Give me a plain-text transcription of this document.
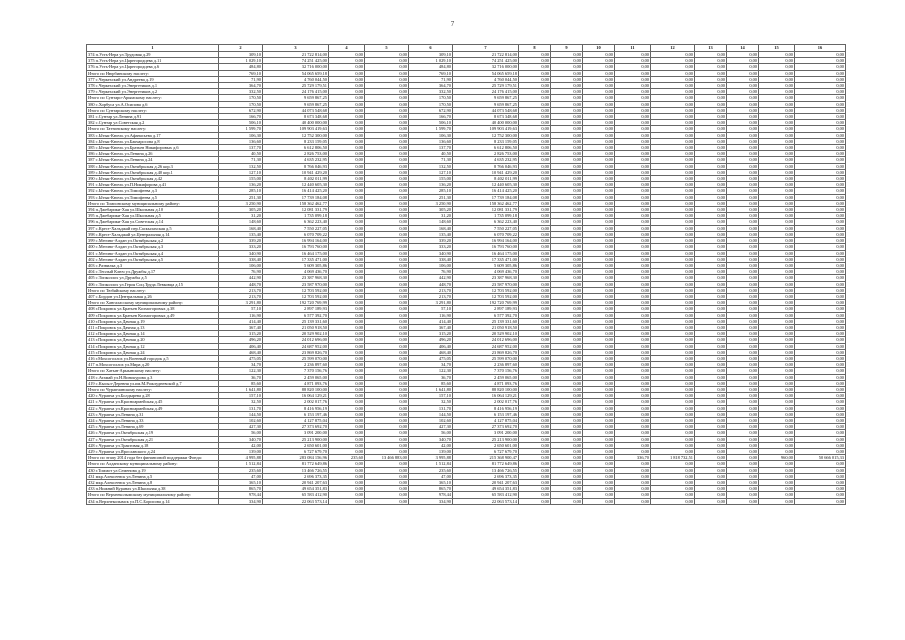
7
1	2	3	4	5	6	7	8	9	10	11	12	13	14	15	16
374 п.Усть-Нера ул.Трудовая д.29	309,10	21 722 814,00	0,00	0,00	309,10	21 722 814,00	0,00	0,00	0,00	0,00	0,00	0,00	0,00	0,00	0,00
375 п.Усть-Нера ул.Царегородцева д.11	1 029,10	74 251 425,00	0,00	0,00	1 029,10	74 251 425,00	0,00	0,00	0,00	0,00	0,00	0,00	0,00	0,00	0,00
376 п.Усть-Нера ул.Царегородцева д.6	484,80	32 716 000,00	0,00	0,00	484,80	32 716 000,00	0,00	0,00	0,00	0,00	0,00	0,00	0,00	0,00	0,00
Итого по Нюрбинскому наслегу:	769,10	54 065 659,18	0,00	0,00	769,10	54 065 659,18	0,00	0,00	0,00	0,00	0,00	0,00	0,00	0,00	0,00
377 с.Черкехский ул.Андреева д.19	71,90	4 760 044,50	0,00	0,00	71,90	4 760 044,50	0,00	0,00	0,00	0,00	0,00	0,00	0,00	0,00	0,00
378 с.Черкехский ул.Энергетиков д.1	364,70	25 729 179,51	0,00	0,00	364,70	25 729 179,51	0,00	0,00	0,00	0,00	0,00	0,00	0,00	0,00	0,00
379 с.Черкехский ул.Энергетиков д.2	332,50	24 176 415,00	0,00	0,00	332,50	24 176 415,00	0,00	0,00	0,00	0,00	0,00	0,00	0,00	0,00	0,00
Итого по Сунтаро-Арымскому наслегу:	170,50	9 659 867,25	0,00	0,00	170,50	9 659 867,25	0,00	0,00	0,00	0,00	0,00	0,00	0,00	0,00	0,00
380 с.Хорбуса ул.А.Осипова д.6	170,50	9 659 867,25	0,00	0,00	170,50	9 659 867,25	0,00	0,00	0,00	0,00	0,00	0,00	0,00	0,00	0,00
Итого по Сунтарскому наслегу:	672,90	44 073 548,68	0,00	0,00	672,90	44 073 548,68	0,00	0,00	0,00	0,00	0,00	0,00	0,00	0,00	0,00
381 с.Сунтар ул.Ленина д.91	166,70	8 673 348,68	0,00	0,00	166,70	8 673 348,68	0,00	0,00	0,00	0,00	0,00	0,00	0,00	0,00	0,00
382 с.Сунтар ул.Советская д.2	506,10	40 400 000,00	0,00	0,00	506,10	40 400 000,00	0,00	0,00	0,00	0,00	0,00	0,00	0,00	0,00	0,00
Итого по Таттинскому наслегу:	1 599,70	109 903 419,63	0,00	0,00	1 599,70	109 903 419,63	0,00	0,00	0,00	0,00	0,00	0,00	0,00	0,00	0,00
383 с.Ытык-Кюель ул.Афанасьева д.17	106,30	12 752 300,00	0,00	0,00	106,30	12 752 300,00	0,00	0,00	0,00	0,00	0,00	0,00	0,00	0,00	0,00
384 с.Ытык-Кюель ул.Бакчаросова д.8	136,60	8 233 159,05	0,00	0,00	136,60	8 233 159,05	0,00	0,00	0,00	0,00	0,00	0,00	0,00	0,00	0,00
385 с.Ытык-Кюель ул.Братьев Никифоровых д.6	137,70	6 612 806,50	0,00	0,00	137,70	6 612 806,50	0,00	0,00	0,00	0,00	0,00	0,00	0,00	0,00	0,00
386 с.Ытык-Кюель ул.Ленина д.26	40,50	2 826 753,00	0,00	0,00	40,50	2 826 753,00	0,00	0,00	0,00	0,00	0,00	0,00	0,00	0,00	0,00
387 с.Ытык-Кюель ул.Ленина д.24	71,30	4 635 232,95	0,00	0,00	71,30	4 635 232,95	0,00	0,00	0,00	0,00	0,00	0,00	0,00	0,00	0,00
388 с.Ытык-Кюель ул.Октябрьская д.26 кор.3	132,50	8 766 046,93	0,00	0,00	132,50	8 766 046,93	0,00	0,00	0,00	0,00	0,00	0,00	0,00	0,00	0,00
389 с.Ытык-Кюель ул.Октябрьская д.40 кор.1	127,10	10 941 429,20	0,00	0,00	127,10	10 941 429,20	0,00	0,00	0,00	0,00	0,00	0,00	0,00	0,00	0,00
390 с.Ытык-Кюель ул.Октябрьская д.42	155,00	8 402 011,99	0,00	0,00	155,00	8 402 011,99	0,00	0,00	0,00	0,00	0,00	0,00	0,00	0,00	0,00
391 с.Ытык-Кюель ул.П.Никифорова д.41	136,20	12 440 605,30	0,00	0,00	136,20	12 440 605,30	0,00	0,00	0,00	0,00	0,00	0,00	0,00	0,00	0,00
392 с.Ытык-Кюель ул.Тимофеева д.3	285,10	16 414 425,20	0,00	0,00	285,10	16 414 425,20	0,00	0,00	0,00	0,00	0,00	0,00	0,00	0,00	0,00
393 с.Ытык-Кюель ул.Тимофеева д.5	251,30	17 739 184,08	0,00	0,00	251,30	17 739 184,08	0,00	0,00	0,00	0,00	0,00	0,00	0,00	0,00	0,00
Итого по Томпонскому муниципальному району:	3 250,90	158 362 462,77	0,00	0,00	3 250,90	158 362 462,77	0,00	0,00	0,00	0,00	0,00	0,00	0,00	0,00	0,00
394 п.Джебарики-Хая ул.Школьная д.10	305,20	12 081 331,79	0,00	0,00	305,20	12 081 331,79	0,00	0,00	0,00	0,00	0,00	0,00	0,00	0,00	0,00
395 п.Джебарики-Хая ул.Школьная д.5	31,20	1 735 099,18	0,00	0,00	31,20	1 735 099,18	0,00	0,00	0,00	0,00	0,00	0,00	0,00	0,00	0,00
396 п.Джебарики-Хая ул.Советская д.14	148,60	6 362 223,40	0,00	0,00	148,60	6 362 223,40	0,00	0,00	0,00	0,00	0,00	0,00	0,00	0,00	0,00
397 с.Крест-Хальджай пер.Саскылахская д.5	168,40	7 550 227,05	0,00	0,00	168,40	7 550 227,05	0,00	0,00	0,00	0,00	0,00	0,00	0,00	0,00	0,00
398 с.Крест-Хальджай ул.Центральная д.14	135,40	6 070 709,22	0,00	0,00	135,40	6 070 709,22	0,00	0,00	0,00	0,00	0,00	0,00	0,00	0,00	0,00
399 с.Мегино-Алдан ул.Октябрьская д.2	339,20	16 994 164,00	0,00	0,00	339,20	16 994 164,00	0,00	0,00	0,00	0,00	0,00	0,00	0,00	0,00	0,00
400 с.Мегино-Алдан ул.Октябрьская д.3	333,20	16 793 760,00	0,00	0,00	333,20	16 793 760,00	0,00	0,00	0,00	0,00	0,00	0,00	0,00	0,00	0,00
401 с.Мегино-Алдан ул.Октябрьская д.4	340,90	16 464 175,00	0,00	0,00	340,90	16 464 175,00	0,00	0,00	0,00	0,00	0,00	0,00	0,00	0,00	0,00
402 с.Мегино-Алдан ул.Октябрьская д.5	338,40	17 335 471,00	0,00	0,00	338,40	17 335 471,00	0,00	0,00	0,00	0,00	0,00	0,00	0,00	0,00	0,00
403 с.Развилка д.3	106,00	5 609 305,86	0,00	0,00	106,00	5 609 305,86	0,00	0,00	0,00	0,00	0,00	0,00	0,00	0,00	0,00
404 с.Теплый Ключ ул.Дружбы д.17	76,90	4 069 436,70	0,00	0,00	76,90	4 069 436,70	0,00	0,00	0,00	0,00	0,00	0,00	0,00	0,00	0,00
405 с.Топколлох ул.Дружбы д.5	442,90	23 387 968,30	0,00	0,00	442,90	23 387 968,30	0,00	0,00	0,00	0,00	0,00	0,00	0,00	0,00	0,00
406 с.Топколлох ул.Героя Соц.Труда Левковца д.15	448,70	23 587 970,00	0,00	0,00	448,70	23 587 970,00	0,00	0,00	0,00	0,00	0,00	0,00	0,00	0,00	0,00
Итого по Тюбяйскому наслегу:	213,70	12 703 592,00	0,00	0,00	213,70	12 703 592,00	0,00	0,00	0,00	0,00	0,00	0,00	0,00	0,00	0,00
407 с.Бордон ул.Центральная д.26	213,70	12 703 592,00	0,00	0,00	213,70	12 703 592,00	0,00	0,00	0,00	0,00	0,00	0,00	0,00	0,00	0,00
Итого по Хангаласскому муниципальному району:	3 291,80	192 720 769,99	0,00	0,00	3 291,80	192 720 769,99	0,00	0,00	0,00	0,00	0,00	0,00	0,00	0,00	0,00
408 г.Покровск ул.Братьев Колмогоровых д.38	57,10	2 897 189,93	0,00	0,00	57,10	2 897 189,93	0,00	0,00	0,00	0,00	0,00	0,00	0,00	0,00	0,00
409 г.Покровск ул.Братьев Колмогоровых д.49	116,90	6 577 392,70	0,00	0,00	116,90	6 577 392,70	0,00	0,00	0,00	0,00	0,00	0,00	0,00	0,00	0,00
410 г.Покровск ул.Дачная д.19	414,40	25 139 331,60	0,00	0,00	414,40	25 139 331,60	0,00	0,00	0,00	0,00	0,00	0,00	0,00	0,00	0,00
411 г.Покровск ул.Дачная д.13	367,40	21 050 918,50	0,00	0,00	367,40	21 050 918,50	0,00	0,00	0,00	0,00	0,00	0,00	0,00	0,00	0,00
412 г.Покровск ул.Дачная д.14	315,20	20 529 902,10	0,00	0,00	315,20	20 529 902,10	0,00	0,00	0,00	0,00	0,00	0,00	0,00	0,00	0,00
413 г.Покровск ул.Дачная д.20	496,20	24 012 696,00	0,00	0,00	496,20	24 012 696,00	0,00	0,00	0,00	0,00	0,00	0,00	0,00	0,00	0,00
414 г.Покровск ул.Дачная д.12	406,40	24 687 952,00	0,00	0,00	406,40	24 687 952,00	0,00	0,00	0,00	0,00	0,00	0,00	0,00	0,00	0,00
415 г.Покровск ул.Дачная д.24	468,40	23 869 826,70	0,00	0,00	468,40	23 869 826,70	0,00	0,00	0,00	0,00	0,00	0,00	0,00	0,00	0,00
416 г.Мохсоголлох ул.Военный городок д.5	475,05	25 599 070,00	0,00	0,00	475,05	25 599 070,00	0,00	0,00	0,00	0,00	0,00	0,00	0,00	0,00	0,00
417 п.Мохсоголлох ул.Мира д.20	34,70	2 236 897,60	0,00	0,00	34,70	2 236 897,60	0,00	0,00	0,00	0,00	0,00	0,00	0,00	0,00	0,00
Итого по Хатын-Арыынскому наслегу:	122,30	7 370 156,76	0,00	0,00	122,30	7 370 156,76	0,00	0,00	0,00	0,00	0,00	0,00	0,00	0,00	0,00
418 с.Атамай ул.Н.Винокурова д.3	36,70	2 459 065,00	0,00	0,00	36,70	2 459 065,00	0,00	0,00	0,00	0,00	0,00	0,00	0,00	0,00	0,00
419 с.Кысыл-Деревня ул.им.М.Рожлудневской д.7	85,60	4 871 093,76	0,00	0,00	85,60	4 871 093,76	0,00	0,00	0,00	0,00	0,00	0,00	0,00	0,00	0,00
Итого по Чурапчинскому наслегу:	1 641,80	88 820 100,00	0,00	0,00	1 641,80	88 820 100,00	0,00	0,00	0,00	0,00	0,00	0,00	0,00	0,00	0,00
420 с.Чурапча ул.Болдырева д.28	157,10	16 064 129,21	0,00	0,00	157,10	16 064 129,21	0,00	0,00	0,00	0,00	0,00	0,00	0,00	0,00	0,00
421 с.Чурапча ул.Красноармейская д.45	32,50	2 002 017,76	0,00	0,00	32,50	2 002 017,76	0,00	0,00	0,00	0,00	0,00	0,00	0,00	0,00	0,00
422 с.Чурапча ул.Красноармейская д.49	131,70	8 416 956,19	0,00	0,00	131,70	8 416 956,19	0,00	0,00	0,00	0,00	0,00	0,00	0,00	0,00	0,00
423 с.Чурапча ул.Ленина д.31	144,50	6 153 197,46	0,00	0,00	144,50	6 153 197,46	0,00	0,00	0,00	0,00	0,00	0,00	0,00	0,00	0,00
424 с.Чурапча ул.Ленина д.33	102,60	4 127 875,04	0,00	0,00	102,60	4 127 875,04	0,00	0,00	0,00	0,00	0,00	0,00	0,00	0,00	0,00
425 с.Чурапча ул.Ленина д.69	427,30	27 373 692,70	0,00	0,00	427,30	27 373 692,70	0,00	0,00	0,00	0,00	0,00	0,00	0,00	0,00	0,00
426 с.Чурапча ул.Октябрьская д.19	56,00	3 091 200,00	0,00	0,00	56,00	3 091 200,00	0,00	0,00	0,00	0,00	0,00	0,00	0,00	0,00	0,00
427 с.Чурапча ул.Октябрьская д.21	340,70	25 213 900,00	0,00	0,00	340,70	25 213 900,00	0,00	0,00	0,00	0,00	0,00	0,00	0,00	0,00	0,00
428 с.Чурапча ул.Трактовая д.18	42,00	2 650 601,00	0,00	0,00	42,00	2 650 601,00	0,00	0,00	0,00	0,00	0,00	0,00	0,00	0,00	0,00
429 с.Чурапча ул.Ярославского д.24	139,00	6 727 679,70	0,00	0,00	139,00	6 727 679,70	0,00	0,00	0,00	0,00	0,00	0,00	0,00	0,00	0,00
Итого по этапу 2014 года без финансовой поддержки Фонда:	4 995,88	283 084 156,96	235,60	13 466 883,00	3 995,88	215 368 900,47	0,00	0,00	0,00	336,70	1 818 732,51	0,00	0,00	960,00	50 666 015,33
Итого по Алданскому муниципальному району:	1 512,84	81 772 649,86	0,00	0,00	1 512,84	81 772 649,86	0,00	0,00	0,00	0,00	0,00	0,00	0,00	0,00	0,00
430 г.Томмот ул.Семенова д.19	235,60	13 466 726,55	0,00	0,00	235,60	13 466 726,55	0,00	0,00	0,00	0,00	0,00	0,00	0,00	0,00	0,00
431 мкр.Алексеевск ул.Ленина д.5	47,00	2 696 373,35	0,00	0,00	47,00	2 696 373,35	0,00	0,00	0,00	0,00	0,00	0,00	0,00	0,00	0,00
432 мкр.Алексеевск ул.Ленина д.8	365,10	20 941 207,63	0,00	0,00	365,10	20 941 207,63	0,00	0,00	0,00	0,00	0,00	0,00	0,00	0,00	0,00
433 п.Нижний Куранах ул.Школьная д.38	865,70	49 654 351,83	0,00	0,00	865,70	49 654 351,83	0,00	0,00	0,00	0,00	0,00	0,00	0,00	0,00	0,00
Итого по Верхнеколымскому муниципальному району:	978,44	65 583 412,90	0,00	0,00	978,44	65 583 412,90	0,00	0,00	0,00	0,00	0,00	0,00	0,00	0,00	0,00
434 п.Верхнеколымск ул.П.С.Борисова д.14	334,90	22 063 573,14	0,00	0,00	334,90	22 063 573,14	0,00	0,00	0,00	0,00	0,00	0,00	0,00	0,00	0,00
